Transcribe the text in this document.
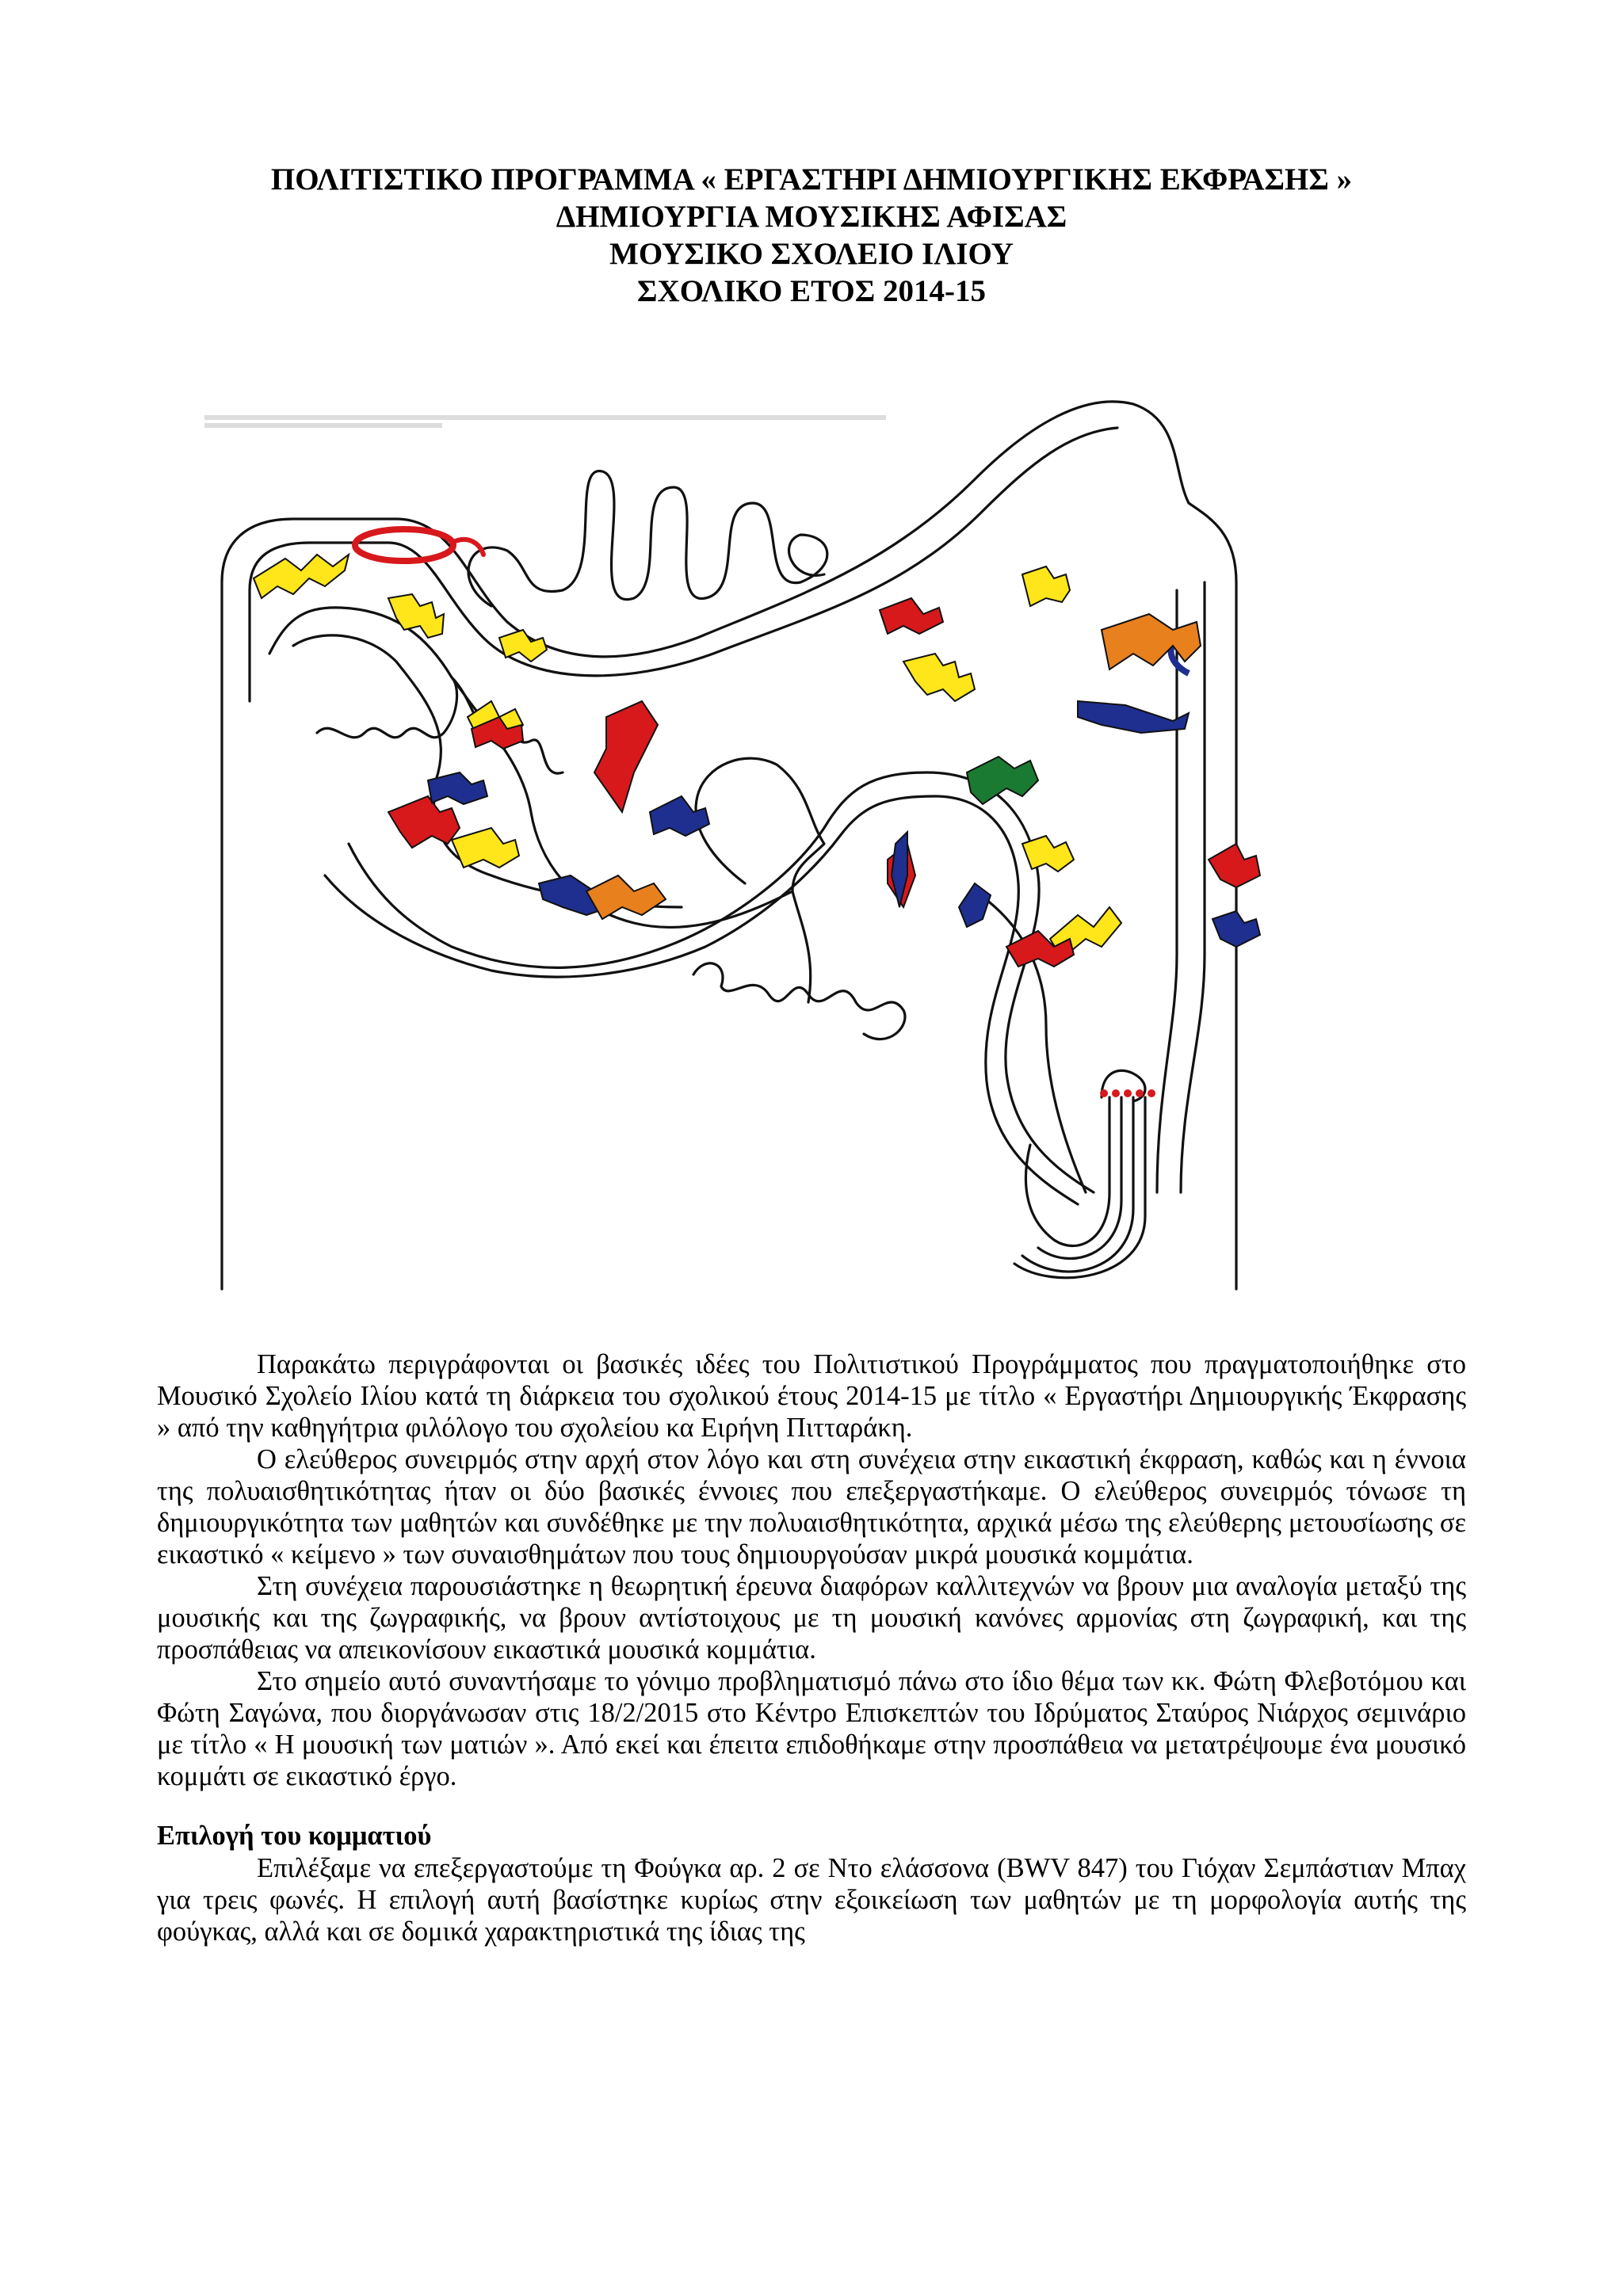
ΠΟΛΙΤΙΣΤΙΚΟ ΠΡΟΓΡΑΜΜΑ « ΕΡΓΑΣΤΗΡΙ ΔΗΜΙΟΥΡΓΙΚΗΣ ΕΚΦΡΑΣΗΣ »
ΔΗΜΙΟΥΡΓΙΑ ΜΟΥΣΙΚΗΣ ΑΦΙΣΑΣ
ΜΟΥΣΙΚΟ ΣΧΟΛΕΙΟ ΙΛΙΟΥ
ΣΧΟΛΙΚΟ ΕΤΟΣ 2014-15

Παρακάτω περιγράφονται οι βασικές ιδέες του Πολιτιστικού Προγράμματος που πραγματοποιήθηκε στο Μουσικό Σχολείο Ιλίου κατά τη διάρκεια του σχολικού έτους 2014-15 με τίτλο « Εργαστήρι Δημιουργικής Έκφρασης » από την καθηγήτρια φιλόλογο του σχολείου κα Ειρήνη Πιτταράκη.

Ο ελεύθερος συνειρμός στην αρχή στον λόγο και στη συνέχεια στην εικαστική έκφραση, καθώς και η έννοια της πολυαισθητικότητας ήταν οι δύο βασικές έννοιες που επεξεργαστήκαμε. Ο ελεύθερος συνειρμός τόνωσε τη δημιουργικότητα των μαθητών και συνδέθηκε με την πολυαισθητικότητα, αρχικά μέσω της ελεύθερης μετουσίωσης σε εικαστικό « κείμενο » των συναισθημάτων που τους δημιουργούσαν μικρά μουσικά κομμάτια.

Στη συνέχεια παρουσιάστηκε η θεωρητική έρευνα διαφόρων καλλιτεχνών να βρουν μια αναλογία μεταξύ της μουσικής και της ζωγραφικής, να βρουν αντίστοιχους με τη μουσική κανόνες αρμονίας στη ζωγραφική, και της προσπάθειας να απεικονίσουν εικαστικά μουσικά κομμάτια.

Στο σημείο αυτό συναντήσαμε το γόνιμο προβληματισμό πάνω στο ίδιο θέμα των κκ. Φώτη Φλεβοτόμου και Φώτη Σαγώνα, που διοργάνωσαν στις 18/2/2015 στο Κέντρο Επισκεπτών του Ιδρύματος Σταύρος Νιάρχος σεμινάριο με τίτλο « Η μουσική των ματιών ». Από εκεί και έπειτα επιδοθήκαμε στην προσπάθεια να μετατρέψουμε ένα μουσικό κομμάτι σε εικαστικό έργο.

Επιλογή του κομματιού

Επιλέξαμε να επεξεργαστούμε τη Φούγκα αρ. 2 σε Ντο ελάσσονα (BWV 847) του Γιόχαν Σεμπάστιαν Μπαχ για τρεις φωνές. Η επιλογή αυτή βασίστηκε κυρίως στην εξοικείωση των μαθητών με τη μορφολογία αυτής της φούγκας, αλλά και σε δομικά χαρακτηριστικά της ίδιας της
